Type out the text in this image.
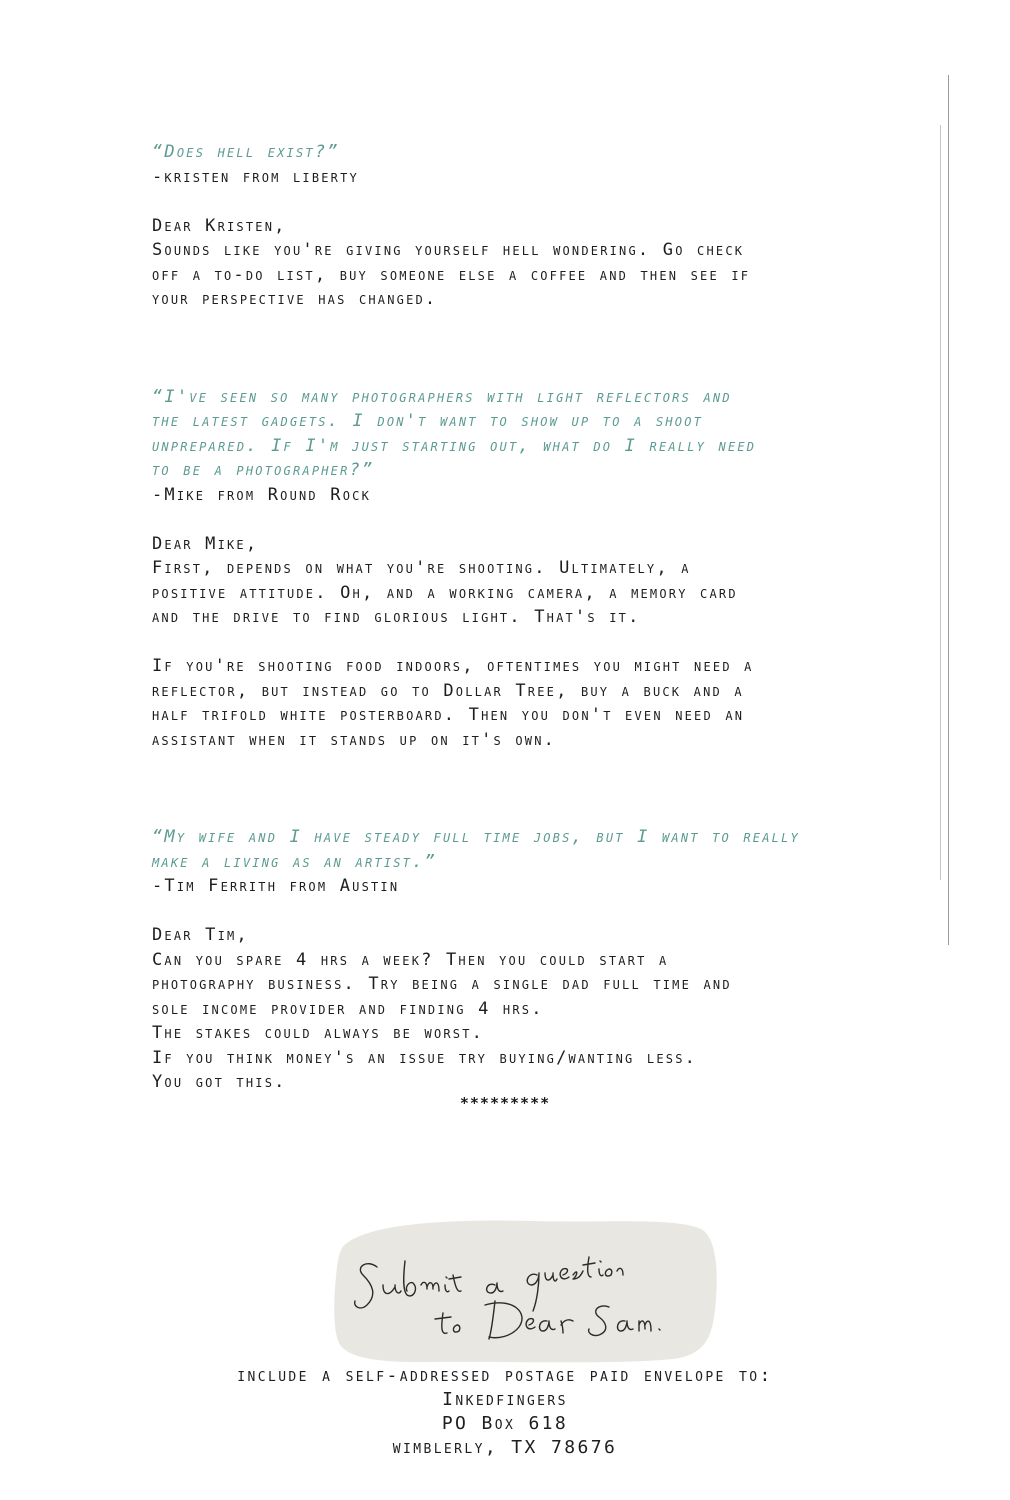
“Does hell exist?”
-kristen from liberty
Dear Kristen,
Sounds like you're giving yourself hell wondering. Go check
off a to-do list, buy someone else a coffee and then see if
your perspective has changed.
“I've seen so many photographers with light reflectors and
the latest gadgets. I don't want to show up to a shoot
unprepared. If I'm just starting out, what do I really need
to be a photographer?”
-Mike from Round Rock
Dear Mike,
First, depends on what you're shooting. Ultimately, a
positive attitude. Oh, and a working camera, a memory card
and the drive to find glorious light. That's it.
If you're shooting food indoors, oftentimes you might need a
reflector, but instead go to Dollar Tree, buy a buck and a
half trifold white posterboard. Then you don't even need an
assistant when it stands up on it's own.
“My wife and I have steady full time jobs, but I want to really
make a living as an artist.”
-Tim Ferrith from Austin
Dear Tim,
Can you spare 4 hrs a week? Then you could start a
photography business. Try being a single dad full time and
sole income provider and finding 4 hrs.
The stakes could always be worst.
If you think money's an issue try buying/wanting less.
You got this.
*********
include a self-addressed postage paid envelope to:
Inkedfingers
PO Box 618
wimblerly, TX 78676
